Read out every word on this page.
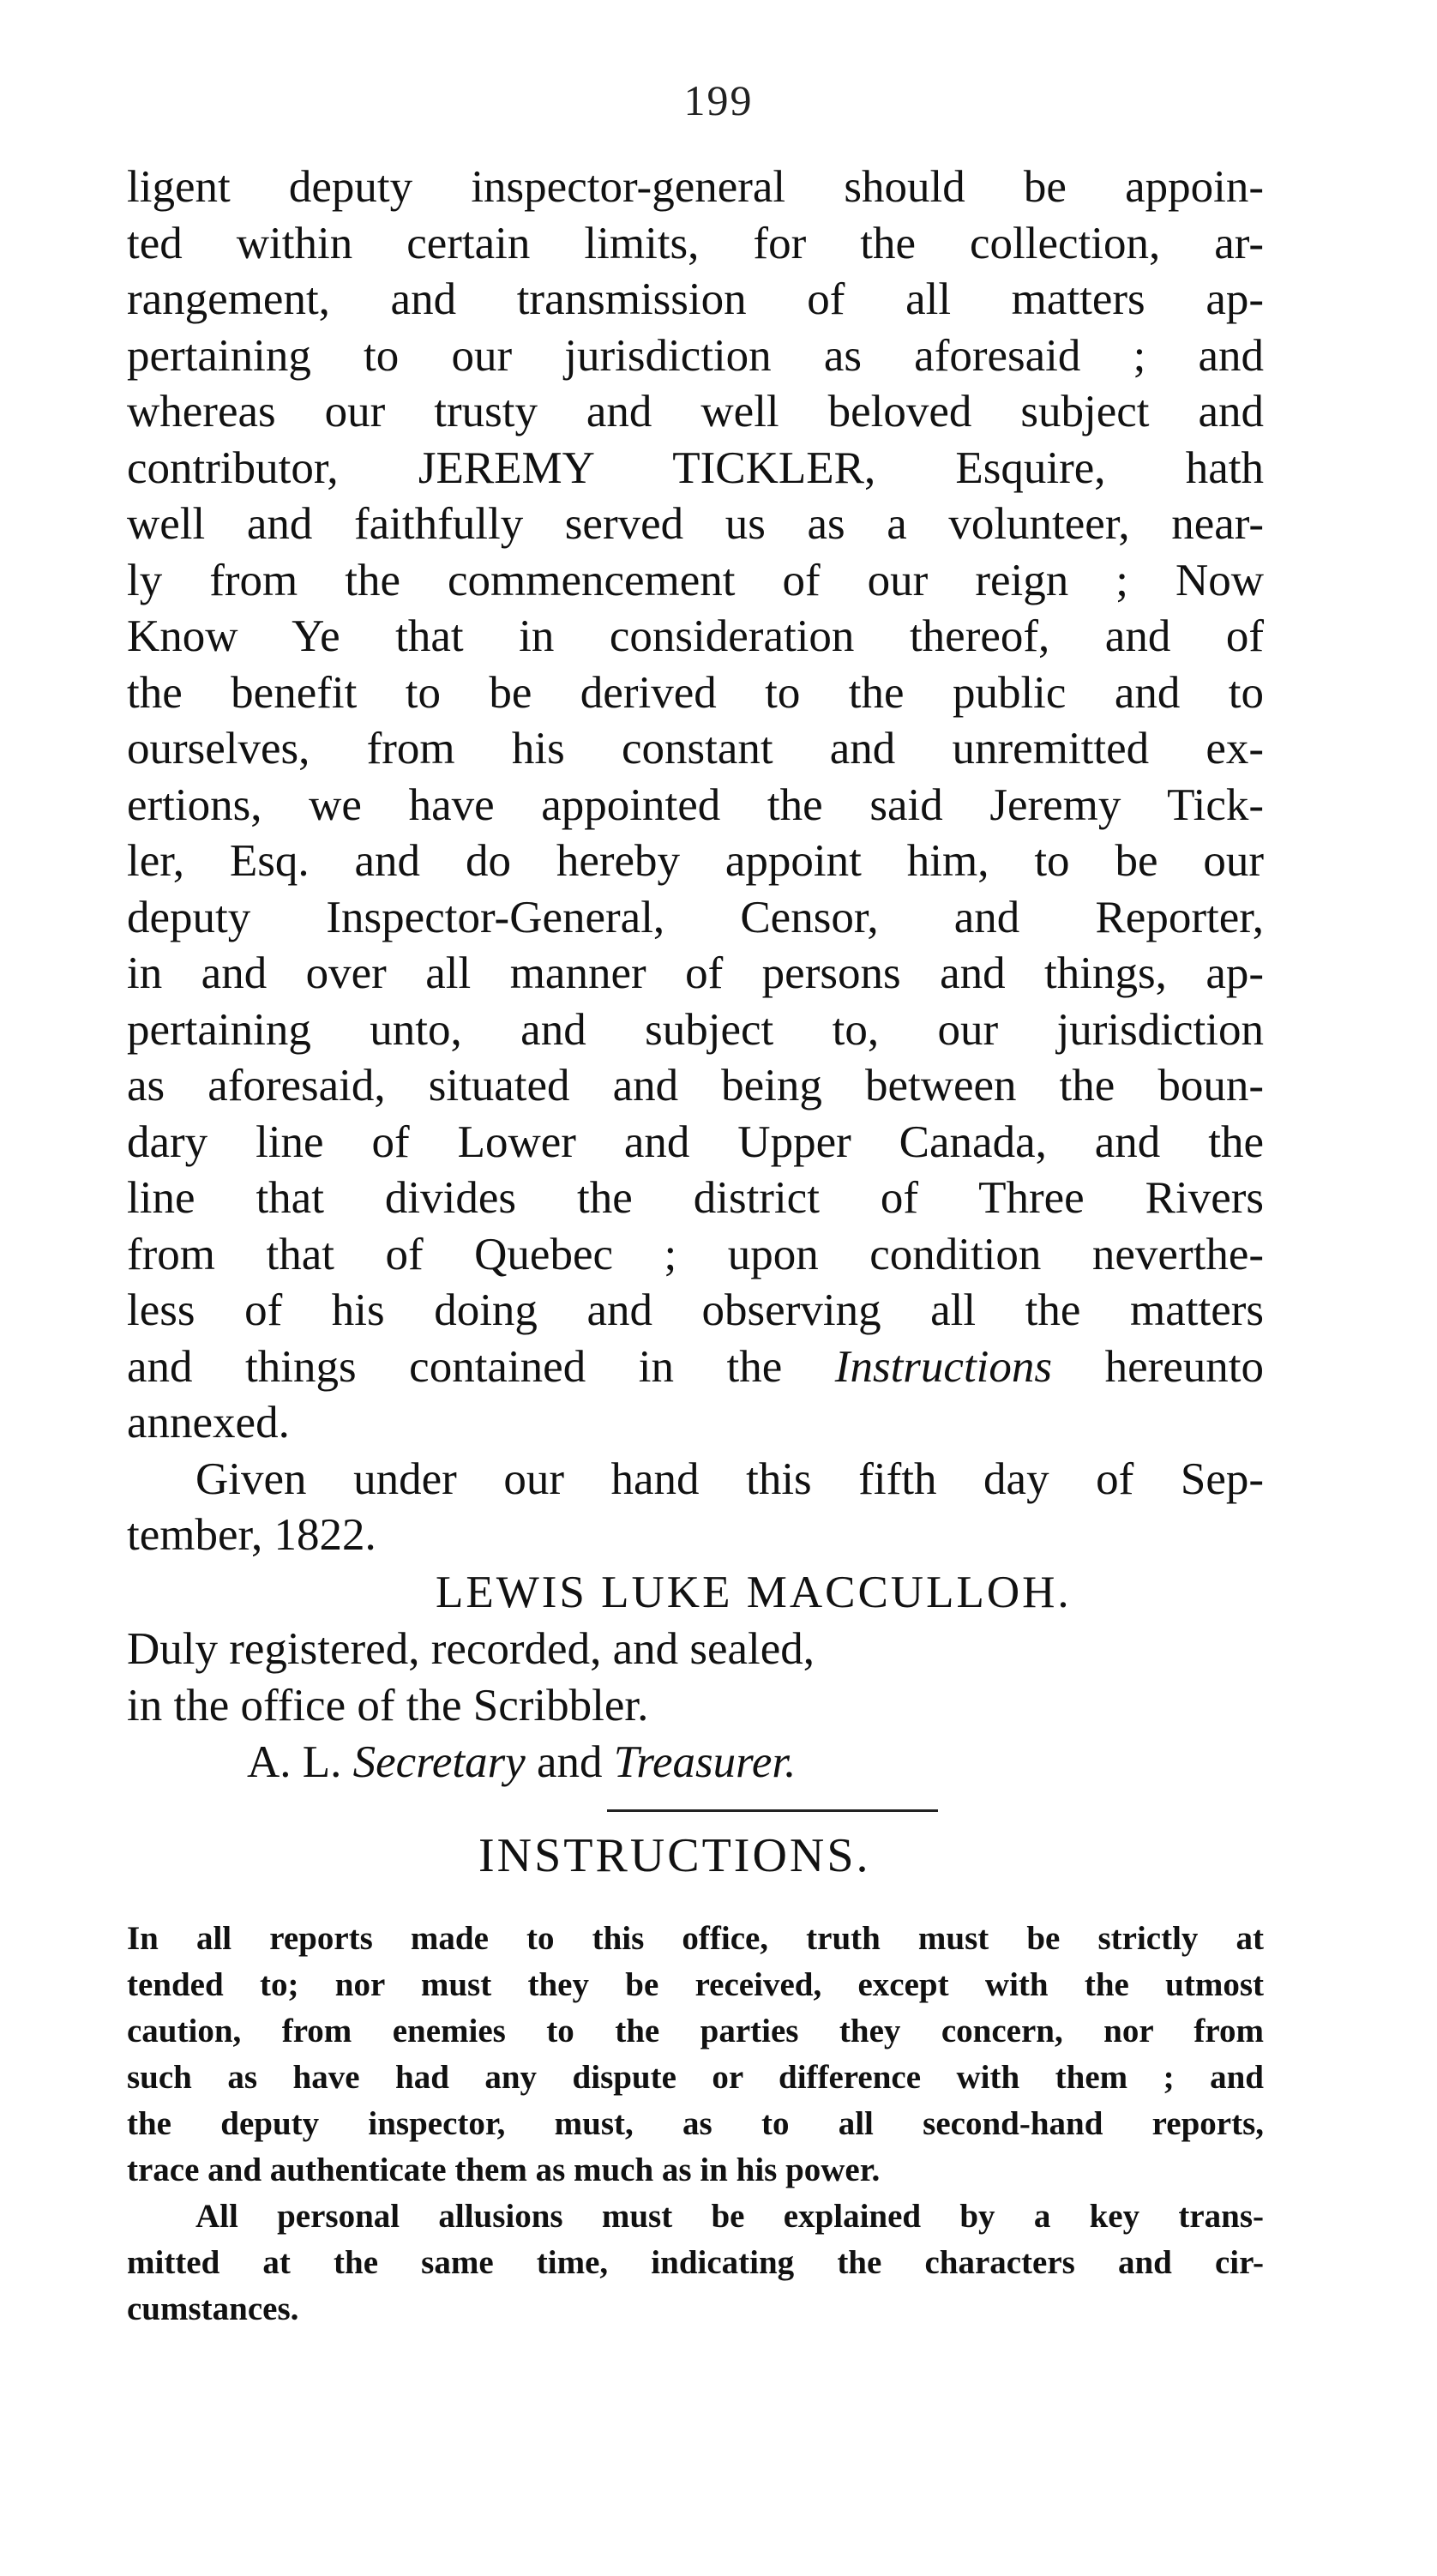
199
ligent deputy inspector-general should be appoin-
ted within certain limits, for the collection, ar-
rangement, and transmission of all matters ap-
pertaining to our jurisdiction as aforesaid ; and
whereas our trusty and well beloved subject and
contributor, JEREMY TICKLER, Esquire, hath
well and faithfully served us as a volunteer, near-
ly from the commencement of our reign ; Now
Know Ye that in consideration thereof, and of
the benefit to be derived to the public and to
ourselves, from his constant and unremitted ex-
ertions, we have appointed the said Jeremy Tick-
ler, Esq. and do hereby appoint him, to be our
deputy Inspector-General, Censor, and Reporter,
in and over all manner of persons and things, ap-
pertaining unto, and subject to, our jurisdiction
as aforesaid, situated and being between the boun-
dary line of Lower and Upper Canada, and the
line that divides the district of Three Rivers
from that of Quebec ; upon condition neverthe-
less of his doing and observing all the matters
and things contained in the Instructions hereunto
annexed.
Given under our hand this fifth day of Sep-
tember, 1822.
LEWIS LUKE MACCULLOH.
Duly registered, recorded, and sealed,
in the office of the Scribbler.
A. L. Secretary and Treasurer.
INSTRUCTIONS.
In all reports made to this office, truth must be strictly at
tended to; nor must they be received, except with the utmost
caution, from enemies to the parties they concern, nor from
such as have had any dispute or difference with them ; and
the deputy inspector, must, as to all second-hand reports,
trace and authenticate them as much as in his power.
All personal allusions must be explained by a key trans-
mitted at the same time, indicating the characters and cir-
cumstances.
